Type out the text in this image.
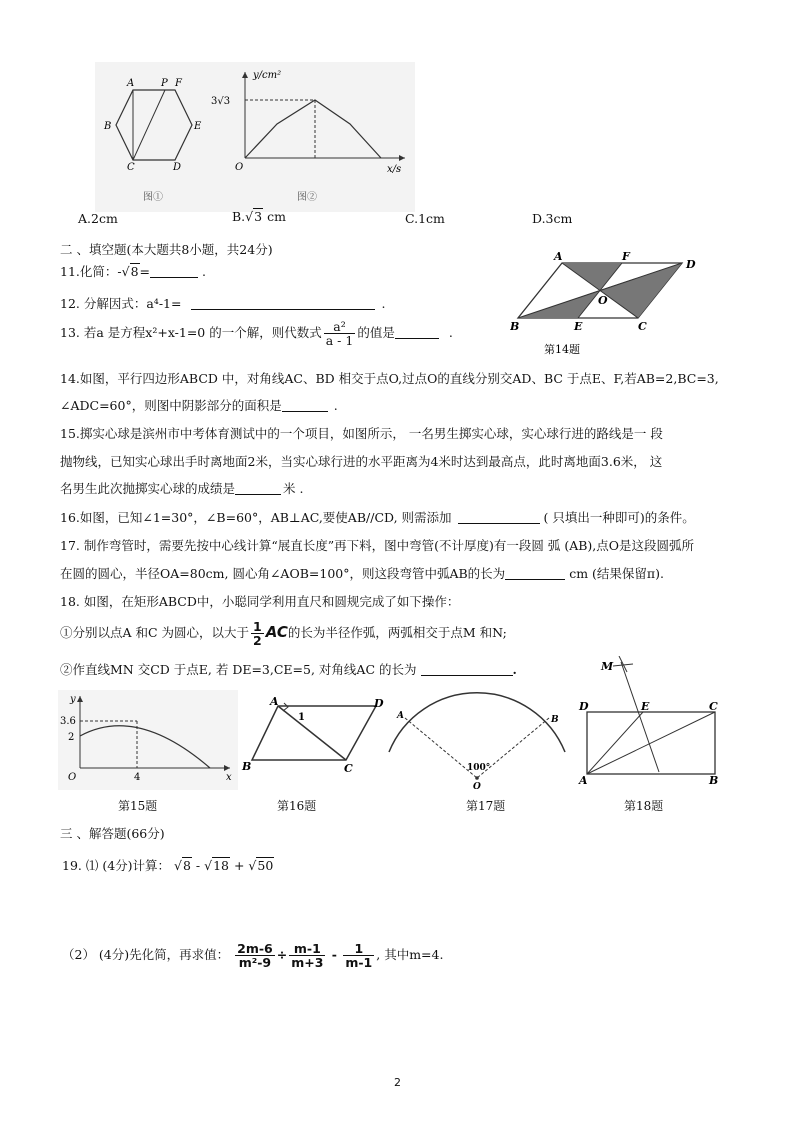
A	P F
B	E
C	D
图①
y/cm²
3√3
O	x/s
图②
A.2cm	B.√3 cm	C.1cm	D.3cm
二 、填空题(本大题共8小题，共24分)	A	F
D
O
B	E	C
第14题
11.化简：-√8=	.
12. 分解因式：a⁴-1=	.
13. 若a 是方程x²+x-1=0 的一个解，则代数式 $\frac{\text{a²}}{a - 1}$ 的值是	.
14.如图，平行四边形ABCD 中，对角线AC、BD 相交于点O,过点O的直线分别交AD、BC 于点E、F,若AB=2,BC=3,
∠ADC=60°，则图中阴影部分的面积是	.
15.掷实心球是滨州市中考体育测试中的一个项目，如图所示， 一名男生掷实心球，实心球行进的路线是一 段
抛物线，已知实心球出手时离地面2米，当实心球行进的水平距离为4米时达到最高点，此时离地面3.6米， 这
名男生此次抛掷实心球的成绩是	米 .
16.如图，已知∠1=30°，∠B=60°，AB⊥AC,要使AB//CD, 则需添加	( 只填出一种即可)的条件。
17. 制作弯管时，需要先按中心线计算“展直长度”再下料，图中弯管(不计厚度)有一段圆 弧 (AB),点O是这段圆弧所
在圆的圆心，半径OA=80cm, 圆心角∠AOB=100°，则这段弯管中弧AB的长为	cm (结果保留π).
18. 如图，在矩形ABCD中，小聪同学利用直尺和圆规完成了如下操作：
①分别以点A 和C 为圆心，以大于 $\frac{1}{2}$ AC的长为半径作弧，两弧相交于点M 和N;
②作直线MN 交CD 于点E, 若 DE=3,CE=5, 对角线AC 的长为	.
y
3.6
2
O	4	x
第15题
A
1
D
B	C
第16题
A	B
100°
O
第17题
M
D	E	C
A	B
第18题
三 、解答题(66分)
19. ⑴ (4分)计算： √8 - √18 + √50
（2） (4分)先化简，再求值： $\frac{2m-6}{\text{m²-9}} \div \frac{m-1}{m+3} - \frac{1}{m-1}$ , 其中m=4.
2
